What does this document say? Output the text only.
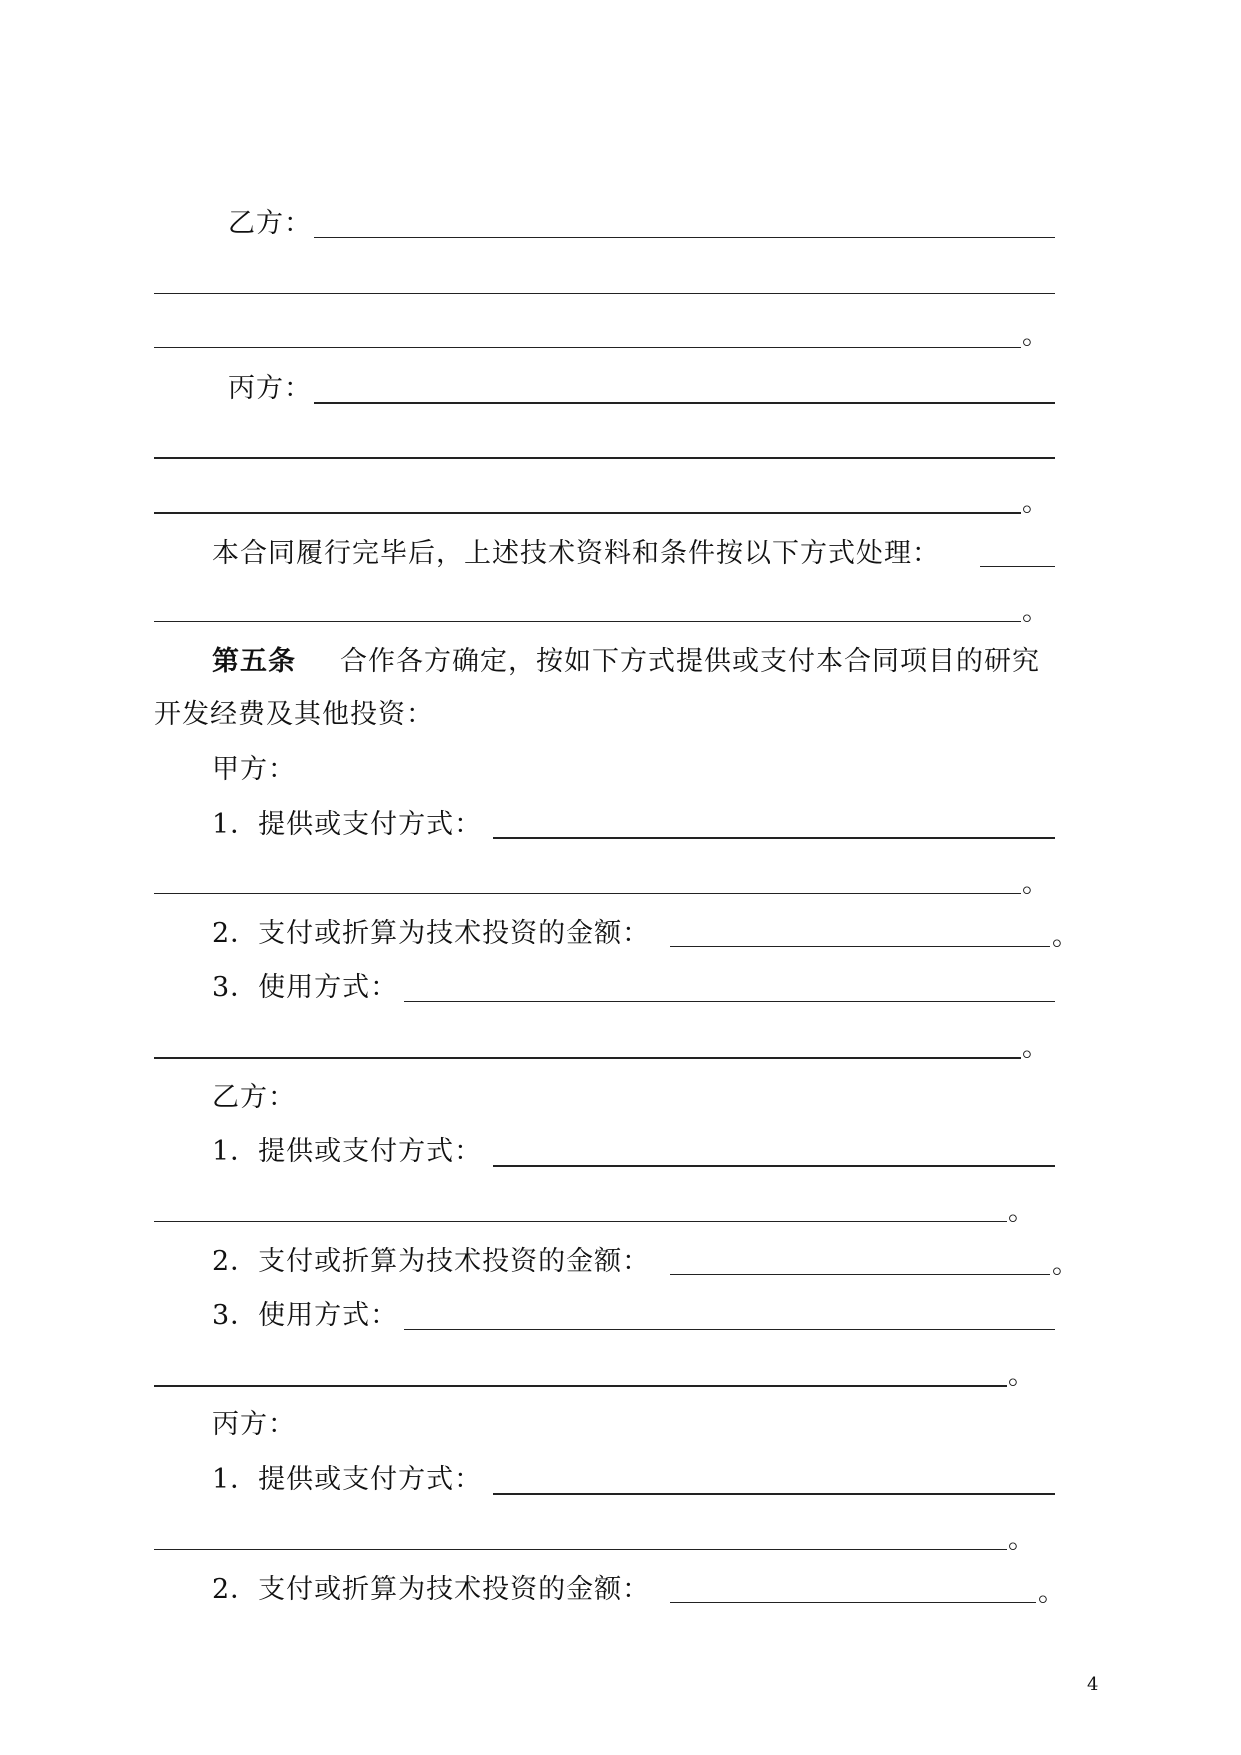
乙方：
。
丙方：
。
本合同履行完毕后，上述技术资料和条件按以下方式处理：
。
第五条 合作各方确定，按如下方式提供或支付本合同项目的研究
开发经费及其他投资：
甲方：
1．提供或支付方式：
。
2．支付或折算为技术投资的金额：	。
3．使用方式：
。
乙方：
1．提供或支付方式：
。
2．支付或折算为技术投资的金额：	。
3．使用方式：
。
丙方：
1．提供或支付方式：
。
2．支付或折算为技术投资的金额：	。
4
